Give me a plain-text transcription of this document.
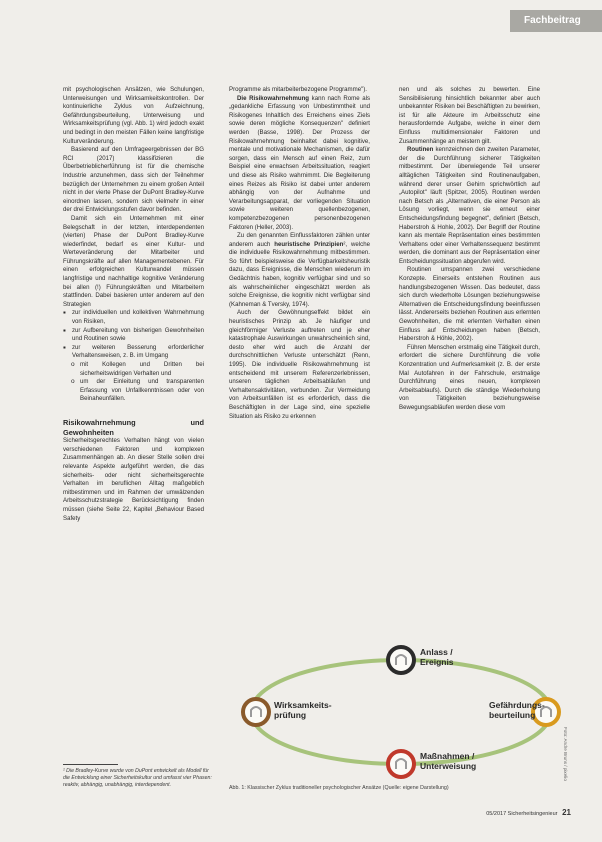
Fachbeitrag

mit psychologischen Ansätzen, wie Schulungen, Unterweisungen und Wirksamkeitskontrollen. Der kontinuierliche Zyklus von Aufzeichnung, Gefährdungsbeurteilung, Unterweisung und Wirksamkeitsprüfung (vgl. Abb. 1) wird jedoch exakt und bedingt in den meisten Fällen keine langfristige Kulturveränderung.

Basierend auf den Umfrageergebnissen der BG RCI (2017) klassifizieren die Überbetrieblicherführung ist für die chemische Industrie anzunehmen, dass sich der Teilnehmer bezüglich der Unternehmen zu einem großen Anteil nicht in der vierte Phase der DuPont Bradley-Kurve einordnen lassen, sondern sich vielmehr in einer der drei Entwicklungsstufen davor befinden.

Damit sich ein Unternehmen mit einer Belegschaft in der letzten, interdependenten (vierten) Phase der DuPont Bradley-Kurve wiederfindet, bedarf es einer Kultur- und Werteveränderung der Mitarbeiter und Führungskräfte auf allen Managementebenen. Für einen erfolgreichen Kulturwandel müssen langfristige und nachhaltige kognitive Veränderung bei allen (!) Führungskräften und Mitarbeitern stattfinden. Dabei basieren unter anderem auf den Strategien

▪ zur individuellen und kollektiven Wahrnehmung von Risiken,
▪ zur Aufbereitung von bisherigen Gewohnheiten und Routinen sowie
▪ zur weiteren Besserung erforderlicher Verhaltensweisen, z. B. im Umgang
o mit Kollegen und Dritten bei sicherheitswidrigen Verhalten und
o um der Einleitung und transparenten Erfassung von Unfallkenntnissen oder von Beinaheunfällen.
Risikowahrnehmung und Gewohnheiten

Sicherheitsgerechtes Verhalten hängt von vielen verschiedenen Faktoren und komplexen Zusammenhängen ab. An dieser Stelle sollen drei relevante Aspekte aufgeführt werden, die das sicherheits- oder nicht sicherheitsgerechte Verhalten im beruflichen Alltag maßgeblich mitbestimmen und im Rahmen der umwälzenden Arbeitsschutzstrategie Berücksichtigung finden müssen (siehe Seite 22, Kapitel „Behaviour Based Safety

¹ Die Bradley-Kurve wurde von DuPont entwickelt als Modell für die Entwicklung einer Sicherheitskultur und umfasst vier Phasen: reaktiv, abhängig, unabhängig, interdependent.

Programme als mitarbeiterbezogene Programme").

Die Risikowahrnehmung kann nach Rome als „gedankliche Erfassung von Unbestimmtheit und Risikogenes Inhaltlich des Erreichens eines Ziels sowie deren mögliche Konsequenzen" definiert werden (Basse, 1998). Der Prozess der Risikowahrnehmung beinhaltet dabei kognitive, mentale und motivationale Mechanismen, die dafür sorgen, dass ein Mensch auf einen Reiz, zum Beispiel eine erwachsen Arbeitssituation, reagiert und diese als Risiko wahrnimmt. Die Begleiterung eines Reizes als Risiko ist dabei unter anderem abhängig von der Aufnahme und Verarbeitungsapparat, der vorliegenden Situation sowie weiteren quellenbezogenen, kompetenzbezogenen personenbezogenen Faktoren (Heller, 2003).

Zu den genannten Einflussfaktoren zählen unter anderem auch heuristische Prinzipien², welche die individuelle Risikowahrnehmung mitbestimmen. So führt beispielsweise die Verfügbarkeitsheuristik dazu, dass Ereignisse, die Menschen wiederum im Gedächtnis haben, kognitiv verfügbar sind und so als wahrscheinlicher eingeschätzt werden als solche Ereignisse, die kognitiv nicht verfügbar sind (Kahneman & Tversky, 1974).

Auch der Gewöhnungseffekt bildet ein heuristisches Prinzip ab. Je häufiger und gleichförmiger Verluste auftreten und je eher katastrophale Auswirkungen unwahrscheinlich sind, desto eher wird auch die Anzahl der durchschnittlichen Verluste unterschätzt (Renn, 1995). Die individuelle Risikowahrnehmung ist entscheidend mit unserem Referenzerlebnissen, unseren täglichen Arbeitsabläufen und Verhaltensaktivitäten, verbunden. Zur Vermeidung von Arbeitsunfällen ist es erforderlich, dass die Beschäftigten in der Lage sind, eine spezielle Situation als Risiko zu erkennen

nen und als solches zu bewerten. Eine Sensibilisierung hinsichtlich bekannter aber auch unbekannter Risiken bei Beschäftigten zu bewirken, ist für alle Akteure im Arbeitsschutz eine herausfordernde Aufgabe, welche in einer dem Einfluss multidimensionaler Faktoren und Zusammenhänge an meistern gilt.

Routinen kennzeichnen den zweiten Parameter, der die Durchführung sicherer Tätigkeiten mitbestimmt. Der überwiegende Teil unserer alltäglichen Tätigkeiten sind Routinenaufgaben, während derer unser Gehirn sprichwörtlich auf „Autopilot" läuft (Spitzer, 2005). Routinen werden nach Betsch als „Alternativen, die einer Person als Lösung vorliegt, wenn sie erneut einer Entscheidungsfindung begegnet", definiert (Betsch, Haberstroh & Hohle, 2002). Der Begriff der Routine kann als mentale Repräsentation eines bestimmten Verhaltens oder einer Verhaltenssequenz bestimmt werden, die dominant aus der Repräsentation einer Entscheidungssituation abgerufen wird.

Routinen umspannen zwei verschiedene Konzepte. Einerseits entstehen Routinen aus handlungsbezogenen Wissen. Das bedeutet, dass sich durch wiederholte Lösungen beziehungsweise Alternativen die Entscheidungsfindung beeinflussen lässt. Andererseits beziehen Routinen aus erlernten Gewohnheiten, die mit erlernten Verhalten einen Einfluss auf Entscheidungen haben (Betsch, Haberstroh & Höhle, 2002).

Führen Menschen erstmalig eine Tätigkeit durch, erfordert die sichere Durchführung die volle Konzentration und Aufmerksamkeit (z. B. der erste Mal Autofahren in der Fahrschule, erstmalige Durchführung eines neuen, komplexen Arbeitsablaufs). Durch die ständige Wiederholung von Tätigkeiten beziehungsweise Bewegungsabläufen werden diese vom

Anlass /
Ereignis
Gefährdungs-
beurteilung
Maßnahmen /
Unterweisung
Wirksamkeits-
prüfung
Abb. 1: Klassischer Zyklus traditioneller psychologischer Ansätze (Quelle: eigene Darstellung)
Foto: Andre Bruns / pixelio
05/2017 Sicherheitsingenieur 21
